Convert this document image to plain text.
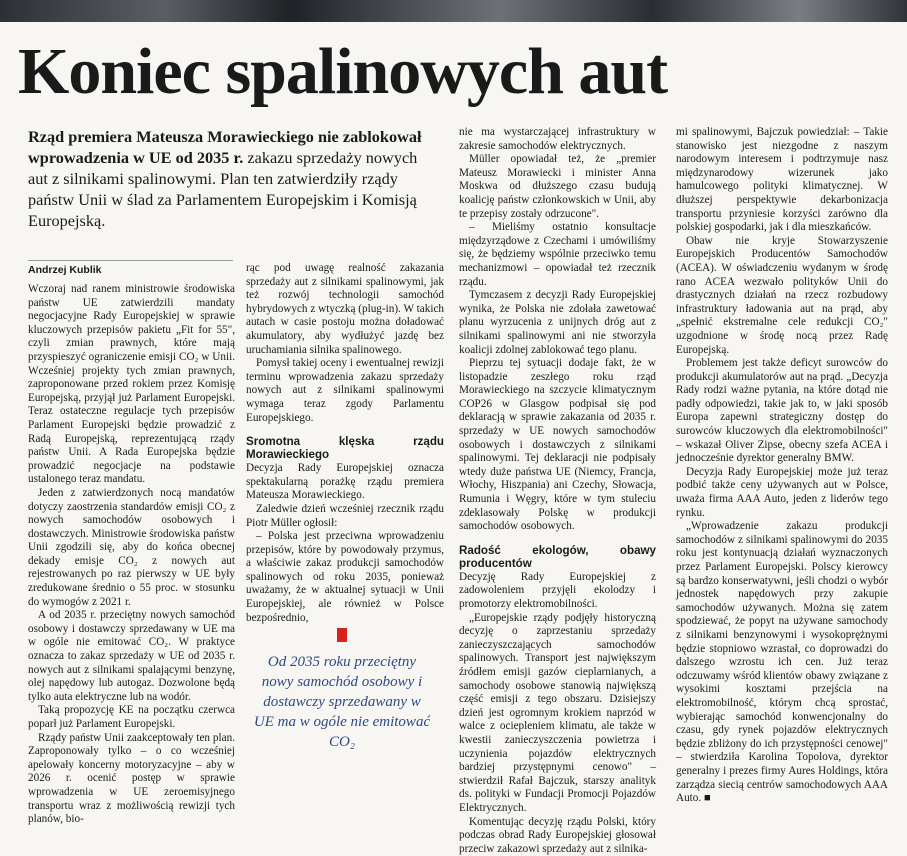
Koniec spalinowych aut
Rząd premiera Mateusza Morawieckiego nie zablokował wprowadzenia w UE od 2035 r. zakazu sprzedaży nowych aut z silnikami spalinowymi. Plan ten zatwierdziły rządy państw Unii w ślad za Parlamentem Europejskim i Komisją Europejską.
Andrzej Kublik

Wczoraj nad ranem ministrowie środowiska państw UE zatwierdzili mandaty negocjacyjne Rady Europejskiej w sprawie kluczowych przepisów pakietu „Fit for 55", czyli zmian prawnych, które mają przyspieszyć ograniczenie emisji CO₂ w Unii. Wcześniej projekty tych zmian prawnych, zaproponowane przed rokiem przez Komisję Europejską, przyjął już Parlament Europejski. Teraz ostateczne regulacje tych przepisów Parlament Europejski będzie prowadzić z Radą Europejską, reprezentującą rządy państw Unii. A Rada Europejska będzie prowadzić negocjacje na podstawie ustalonego teraz mandatu.

Jeden z zatwierdzonych nocą mandatów dotyczy zaostrzenia standardów emisji CO₂ z nowych samochodów osobowych i dostawczych. Ministrowie środowiska państw Unii zgodzili się, aby do końca obecnej dekady emisje CO₂ z nowych aut rejestrowanych po raz pierwszy w UE były zredukowane średnio o 55 proc. w stosunku do wymogów z 2021 r.

A od 2035 r. przeciętny nowych samochód osobowy i dostawczy sprzedawany w UE ma w ogóle nie emitować CO₂. W praktyce oznacza to zakaz sprzedaży w UE od 2035 r. nowych aut z silnikami spalającymi benzynę, olej napędowy lub autogaz. Dozwolone będą tylko auta elektryczne lub na wodór.

Taką propozycję KE na początku czerwca poparł już Parlament Europejski.

Rządy państw Unii zaakceptowały ten plan. Zaproponowały tylko – o co wcześniej apelowały koncerny motoryzacyjne – aby w 2026 r. ocenić postęp w sprawie wprowadzenia w UE zeroemisyjnego transportu wraz z możliwością rewizji tych planów, bio-

rąc pod uwagę realność zakazania sprzedaży aut z silnikami spalinowymi, jak też rozwój technologii samochód hybrydowych z wtyczką (plug-in). W takich autach w casie postoju można doładować akumulatory, aby wydłużyć jazdę bez uruchamiania silnika spalinowego.

Pomysł takiej oceny i ewentualnej rewizji terminu wprowadzenia zakazu sprzedaży nowych aut z silnikami spalinowymi wymaga teraz zgody Parlamentu Europejskiego.

Sromotna klęska rządu Morawieckiego

Decyzja Rady Europejskiej oznacza spektakularną porażkę rządu premiera Mateusza Morawieckiego.

Zaledwie dzień wcześniej rzecznik rządu Piotr Müller ogłosił:

– Polska jest przeciwna wprowadzeniu przepisów, które by powodowały przymus, a właściwie zakaz produkcji samochodów spalinowych od roku 2035, ponieważ uważamy, że w aktualnej sytuacji w Unii Europejskiej, ale również w Polsce bezpośrednio,

Od 2035 roku przeciętny nowy samochód osobowy i dostawczy sprzedawany w UE ma w ogóle nie emitować CO₂

nie ma wystarczającej infrastruktury w zakresie samochodów elektrycznych.

Müller opowiadał też, że „premier Mateusz Morawiecki i minister Anna Moskwa od dłuższego czasu budują koalicję państw członkowskich w Unii, aby te przepisy zostały odrzucone".

– Mieliśmy ostatnio konsultacje międzyrządowe z Czechami i umówiliśmy się, że będziemy wspólnie przeciwko temu mechanizmowi – opowiadał też rzecznik rządu.

Tymczasem z decyzji Rady Europejskiej wynika, że Polska nie zdołała zawetować planu wyrzucenia z unijnych dróg aut z silnikami spalinowymi ani nie stworzyła koalicji zdolnej zablokować tego planu.

Pieprzu tej sytuacji dodaje fakt, że w listopadzie zeszłego roku rząd Morawieckiego na szczycie klimatycznym COP26 w Glasgow podpisał się pod deklaracją w sprawie zakazania od 2035 r. sprzedaży w UE nowych samochodów osobowych i dostawczych z silnikami spalinowymi. Tej deklaracji nie podpisały wtedy duże państwa UE (Niemcy, Francja, Włochy, Hiszpania) ani Czechy, Słowacja, Rumunia i Węgry, które w tym stuleciu zdeklasowały Polskę w produkcji samochodów osobowych.

Radość ekologów, obawy producentów

Decyzję Rady Europejskiej z zadowoleniem przyjęli ekolodzy i promotorzy elektromobilności.

„Europejskie rządy podjęły historyczną decyzję o zaprzestaniu sprzedaży zanieczyszczających samochodów spalinowych. Transport jest największym źródłem emisji gazów cieplarnianych, a samochody osobowe stanowią największą część emisji z tego obszaru. Dzisiejszy dzień jest ogromnym krokiem naprzód w walce z ociepleniem klimatu, ale także w kwestii zanieczyszczenia powietrza i uczynienia pojazdów elektrycznych bardziej przystępnymi cenowo" – stwierdził Rafał Bajczuk, starszy analityk ds. polityki w Fundacji Promocji Pojazdów Elektrycznych.

Komentując decyzję rządu Polski, który podczas obrad Rady Europejskiej głosował przeciw zakazowi sprzedaży aut z silnika-

mi spalinowymi, Bajczuk powiedział: – Takie stanowisko jest niezgodne z naszym narodowym interesem i podtrzymuje nasz międzynarodowy wizerunek jako hamulcowego polityki klimatycznej. W dłuższej perspektywie dekarbonizacja transportu przyniesie korzyści zarówno dla polskiej gospodarki, jak i dla mieszkańców.

Obaw nie kryje Stowarzyszenie Europejskich Producentów Samochodów (ACEA). W oświadczeniu wydanym w środę rano ACEA wezwało polityków Unii do drastycznych działań na rzecz rozbudowy infrastruktury ładowania aut na prąd, aby „spełnić ekstremalne cele redukcji CO₂" uzgodnione w środę nocą przez Radę Europejską.

Problemem jest także deficyt surowców do produkcji akumulatorów aut na prąd. „Decyzja Rady rodzi ważne pytania, na które dotąd nie padły odpowiedzi, takie jak to, w jaki sposób Europa zapewni strategiczny dostęp do surowców kluczowych dla elektromobilności" – wskazał Oliver Zipse, obecny szefa ACEA i jednocześnie dyrektor generalny BMW.

Decyzja Rady Europejskiej może już teraz podbić także ceny używanych aut w Polsce, uważa firma AAA Auto, jeden z liderów tego rynku.

„Wprowadzenie zakazu produkcji samochodów z silnikami spalinowymi do 2035 roku jest kontynuacją działań wyznaczonych przez Parlament Europejski. Polscy kierowcy są bardzo konserwatywni, jeśli chodzi o wybór jednostek napędowych przy zakupie samochodów używanych. Można się zatem spodziewać, że popyt na używane samochody z silnikami benzynowymi i wysokoprężnymi będzie stopniowo wzrastał, co doprowadzi do dalszego wzrostu ich cen. Już teraz odczuwamy wśród klientów obawy związane z wysokimi kosztami przejścia na elektromobilność, którym chcą sprostać, wybierając samochód konwencjonalny do czasu, gdy rynek pojazdów elektrycznych będzie zbliżony do ich przystępności cenowej" – stwierdziła Karolina Topolova, dyrektor generalny i prezes firmy Aures Holdings, która zarządza siecią centrów samochodowych AAA Auto. ■
